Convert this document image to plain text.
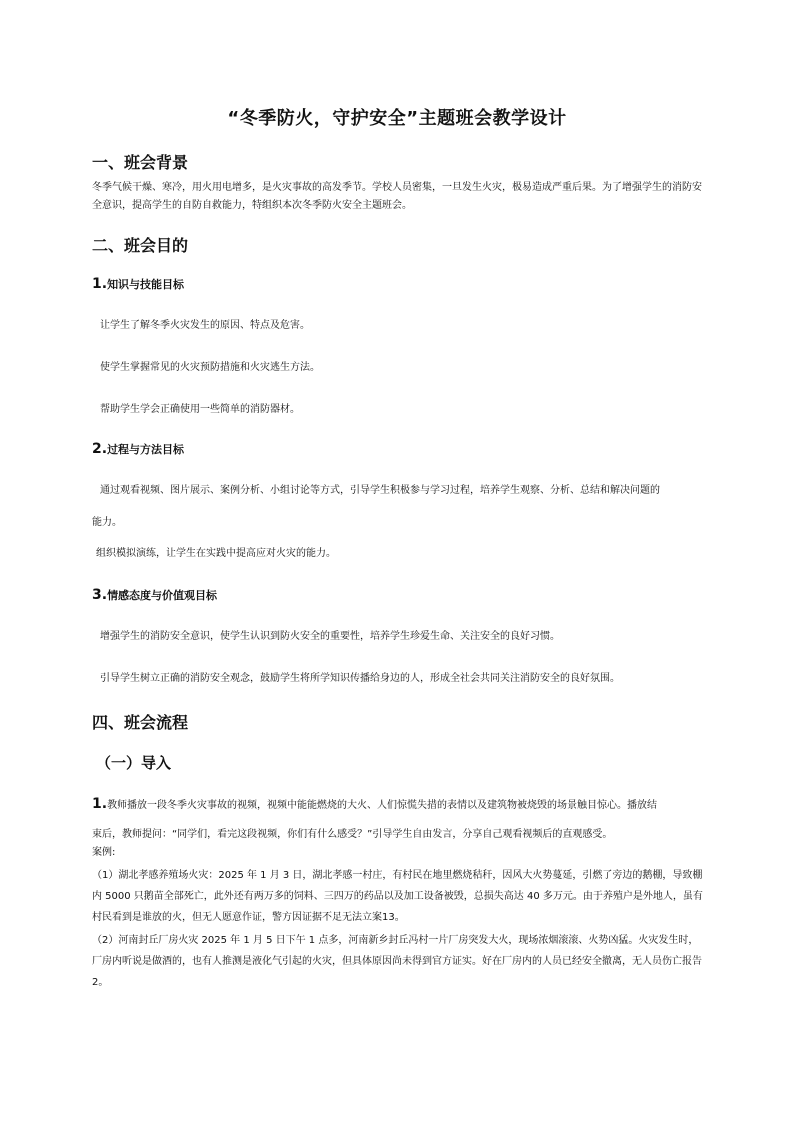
“冬季防火，守护安全”主题班会教学设计
一、班会背景
冬季气候干燥、寒冷，用火用电增多，是火灾事故的高发季节。学校人员密集，一旦发生火灾，极易造成严重后果。为了增强学生的消防安全意识，提高学生的自防自救能力，特组织本次冬季防火安全主题班会。
二、班会目的
1.知识与技能目标
让学生了解冬季火灾发生的原因、特点及危害。
使学生掌握常见的火灾预防措施和火灾逃生方法。
帮助学生学会正确使用一些简单的消防器材。
2.过程与方法目标
通过观看视频、图片展示、案例分析、小组讨论等方式，引导学生积极参与学习过程，培养学生观察、分析、总结和解决问题的
能力。
组织模拟演练，让学生在实践中提高应对火灾的能力。
3.情感态度与价值观目标
增强学生的消防安全意识，使学生认识到防火安全的重要性，培养学生珍爱生命、关注安全的良好习惯。
引导学生树立正确的消防安全观念，鼓励学生将所学知识传播给身边的人，形成全社会共同关注消防安全的良好氛围。
四、班会流程
（一）导入
1.教师播放一段冬季火灾事故的视频，视频中能能燃烧的大火、人们惊慌失措的表情以及建筑物被烧毁的场景触目惊心。播放结
束后，教师提问：“同学们，看完这段视频，你们有什么感受？”引导学生自由发言，分享自己观看视频后的直观感受。
案例:
（1）湖北孝感养殖场火灾：2025 年 1 月 3 日，湖北孝感一村庄，有村民在地里燃烧秸秆，因风大火势蔓延，引燃了旁边的鹅棚，导致棚内 5000 只鹅苗全部死亡，此外还有两万多的饲料、三四万的药品以及加工设备被毁，总损失高达 40 多万元。由于养殖户是外地人，虽有村民看到是谁放的火，但无人愿意作证，警方因证据不足无法立案13。
（2）河南封丘厂房火灾 2025 年 1 月 5 日下午 1 点多，河南新乡封丘冯村一片厂房突发大火，现场浓烟滚滚、火势凶猛。火灾发生时，厂房内听说是做酒的，也有人推测是液化气引起的火灾，但具体原因尚未得到官方证实。好在厂房内的人员已经安全撤离，无人员伤亡报告2。
